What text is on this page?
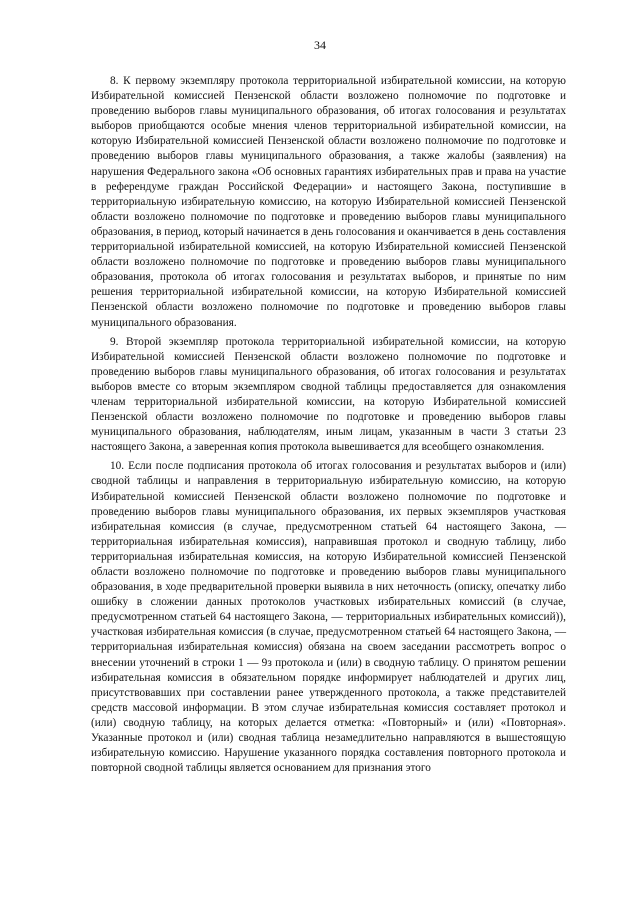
34

8. К первому экземпляру протокола территориальной избирательной комиссии, на которую Избирательной комиссией Пензенской области возложено полномочие по подготовке и проведению выборов главы муниципального образования, об итогах голосования и результатах выборов приобщаются особые мнения членов территориальной избирательной комиссии, на которую Избирательной комиссией Пензенской области возложено полномочие по подготовке и проведению выборов главы муниципального образования, а также жалобы (заявления) на нарушения Федерального закона «Об основных гарантиях избирательных прав и права на участие в референдуме граждан Российской Федерации» и настоящего Закона, поступившие в территориальную избирательную комиссию, на которую Избирательной комиссией Пензенской области возложено полномочие по подготовке и проведению выборов главы муниципального образования, в период, который начинается в день голосования и оканчивается в день составления территориальной избирательной комиссией, на которую Избирательной комиссией Пензенской области возложено полномочие по подготовке и проведению выборов главы муниципального образования, протокола об итогах голосования и результатах выборов, и принятые по ним решения территориальной избирательной комиссии, на которую Избирательной комиссией Пензенской области возложено полномочие по подготовке и проведению выборов главы муниципального образования.

9. Второй экземпляр протокола территориальной избирательной комиссии, на которую Избирательной комиссией Пензенской области возложено полномочие по подготовке и проведению выборов главы муниципального образования, об итогах голосования и результатах выборов вместе со вторым экземпляром сводной таблицы предоставляется для ознакомления членам территориальной избирательной комиссии, на которую Избирательной комиссией Пензенской области возложено полномочие по подготовке и проведению выборов главы муниципального образования, наблюдателям, иным лицам, указанным в части 3 статьи 23 настоящего Закона, а заверенная копия протокола вывешивается для всеобщего ознакомления.

10. Если после подписания протокола об итогах голосования и результатах выборов и (или) сводной таблицы и направления в территориальную избирательную комиссию, на которую Избирательной комиссией Пензенской области возложено полномочие по подготовке и проведению выборов главы муниципального образования, их первых экземпляров участковая избирательная комиссия (в случае, предусмотренном статьей 64 настоящего Закона, — территориальная избирательная комиссия), направившая протокол и сводную таблицу, либо территориальная избирательная комиссия, на которую Избирательной комиссией Пензенской области возложено полномочие по подготовке и проведению выборов главы муниципального образования, в ходе предварительной проверки выявила в них неточность (описку, опечатку либо ошибку в сложении данных протоколов участковых избирательных комиссий (в случае, предусмотренном статьей 64 настоящего Закона, — территориальных избирательных комиссий)), участковая избирательная комиссия (в случае, предусмотренном статьей 64 настоящего Закона, — территориальная избирательная комиссия) обязана на своем заседании рассмотреть вопрос о внесении уточнений в строки 1 — 9з протокола и (или) в сводную таблицу. О принятом решении избирательная комиссия в обязательном порядке информирует наблюдателей и других лиц, присутствовавших при составлении ранее утвержденного протокола, а также представителей средств массовой информации. В этом случае избирательная комиссия составляет протокол и (или) сводную таблицу, на которых делается отметка: «Повторный» и (или) «Повторная». Указанные протокол и (или) сводная таблица незамедлительно направляются в вышестоящую избирательную комиссию. Нарушение указанного порядка составления повторного протокола и повторной сводной таблицы является основанием для признания этого
